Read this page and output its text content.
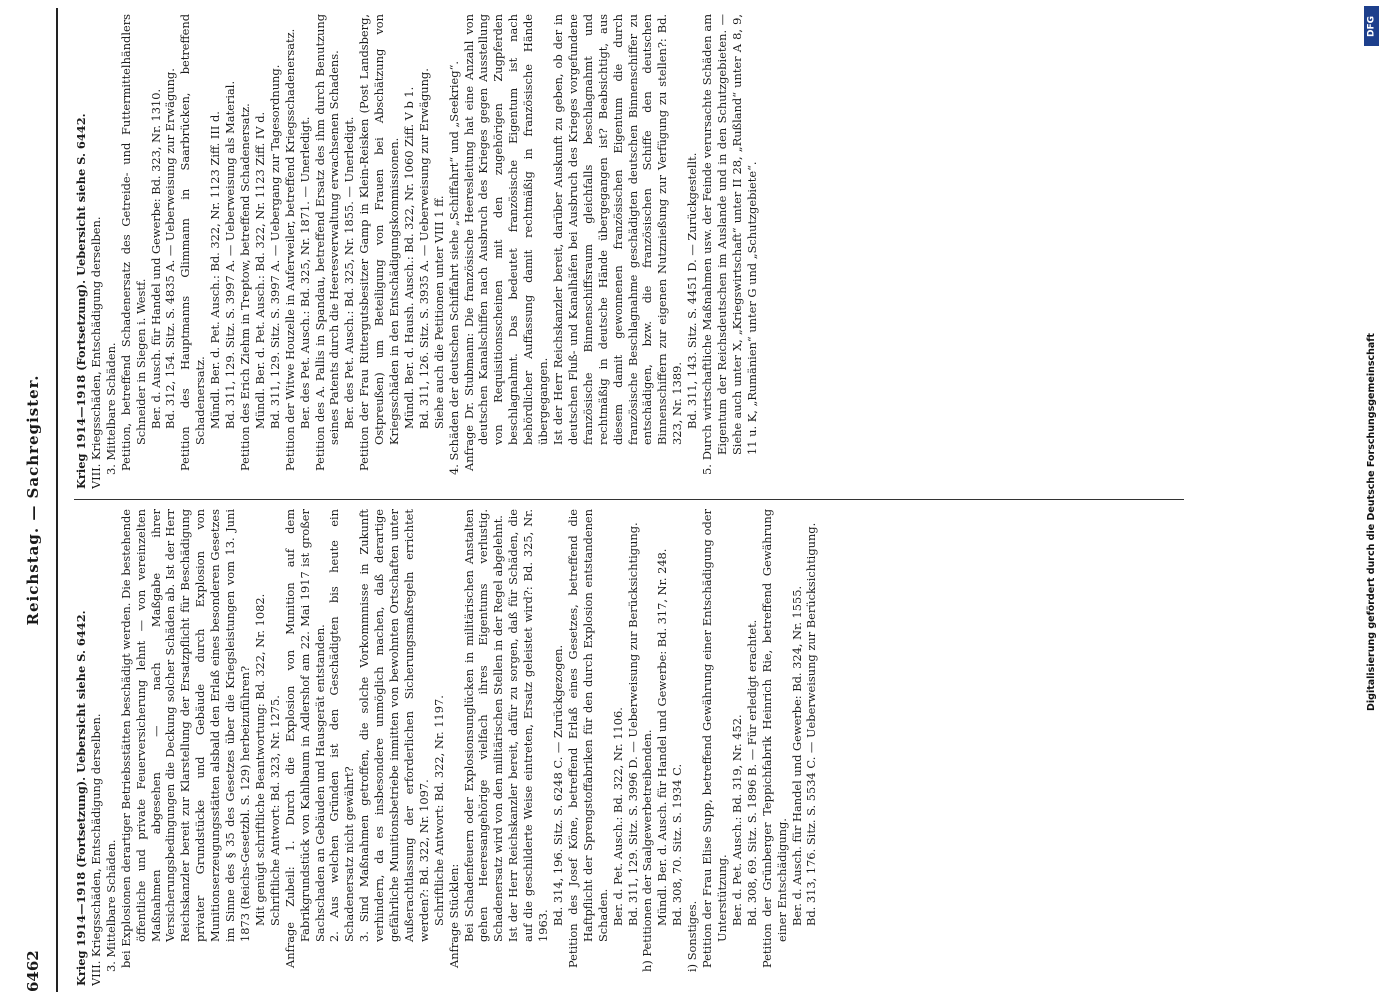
6462
Reichstag. — Sachregister.

Krieg 1914—1918 (Fortsetzung). Uebersicht siehe S. 6442. VIII. Kriegsschäden, Entschädigung derselben. 3. Mittelbare Schäden. bei Explosionen derartiger Betriebsstätten beschädigt werden. Die bestehende öffentliche und private Feuerversicherung lehnt — von vereinzelten Maßnahmen abgesehen — nach Maßgabe ihrer Versicherungsbedingungen die Deckung solcher Schäden ab. Ist der Herr Reichskanzler bereit zur Klarstellung der Ersatzpflicht für Beschädigung privater Grundstücke und Gebäude durch Explosion von Munitionserzeugungsstätten alsbald den Erlaß eines besonderen Gesetzes im Sinne des § 35 des Gesetzes über die Kriegsleistungen vom 13. Juni 1873 (Reichs-Gesetzbl. S. 129) herbeizuführen? Mit genügt schriftliche Beantwortung: Bd. 322, Nr. 1082. Schriftliche Antwort: Bd. 323, Nr. 1275. Anfrage Zubeil: 1. Durch die Explosion von Munition auf dem Fabrikgrundstück von Kahlbaum in Adlershof am 22. Mai 1917 ist großer Sachschaden an Gebäuden und Hausgerät entstanden. 2. Aus welchen Gründen ist den Geschädigten bis heute ein Schadenersatz nicht gewährt? 3. Sind Maßnahmen getroffen, die solche Vorkommnisse in Zukunft verhindern, da es insbesondere unmöglich machen, daß derartige gefährliche Munitionsbetriebe inmitten von bewohnten Ortschaften unter Außerachtlassung der erforderlichen Sicherungsmaßregeln errichtet werden?: Bd. 322, Nr. 1097. Schriftliche Antwort: Bd. 322, Nr. 1197. Anfrage Stücklen: Bei Schadenfeuern oder Explosionsunglücken in militärischen Anstalten gehen Heeresangehörige vielfach ihres Eigentums verlustig. Schadenersatz wird von den militärischen Stellen in der Regel abgelehnt. Ist der Herr Reichskanzler bereit, dafür zu sorgen, daß für Schäden, die auf die geschilderte Weise eintreten, Ersatz geleistet wird?: Bd. 325, Nr. 1963. Bd. 314, 196. Sitz. S. 6248 C. — Zurückgezogen. Petition des Josef Köne, betreffend Erlaß eines Gesetzes, betreffend die Haftpflicht der Sprengstoffabriken für den durch Explosion entstandenen Schaden. Ber. d. Pet. Ausch.: Bd. 322, Nr. 1106. Bd. 311, 129. Sitz. S. 3996 D. — Ueberweisung zur Berücksichtigung. h) Petitionen der Saalgewerbetreibenden. Mündl. Ber. d. Ausch. für Handel und Gewerbe: Bd. 317, Nr. 248. Bd. 308, 70. Sitz. S. 1934 C.

i) Sonstiges. Petition der Frau Elise Supp, betreffend Gewährung einer Entschädigung oder Unterstützung. Ber. d. Pet. Ausch.: Bd. 319, Nr. 452. Bd. 308, 69. Sitz. S. 1896 B. — Für erledigt erachtet. Petition der Grünberger Teppichfabrik Heinrich Rie, betreffend Gewährung einer Entschädigung. Ber. d. Ausch. für Handel und Gewerbe: Bd. 324, Nr. 1555. Bd. 313, 176. Sitz. S. 5534 C. — Ueberweisung zur Berücksichtigung.

Krieg 1914—1918 (Fortsetzung). Uebersicht siehe S. 6442. VIII. Kriegsschäden, Entschädigung derselben. 3. Mittelbare Schäden. Petition, betreffend Schadenersatz des Getreide- und Futtermittelhändlers Schneider in Siegen i. Westf. Ber. d. Ausch. für Handel und Gewerbe: Bd. 323, Nr. 1310. Bd. 312, 154. Sitz. S. 4835 A. — Ueberweisung zur Erwägung. Petition des Hauptmanns Glimmann in Saarbrücken, betreffend Schadenersatz. Mündl. Ber. d. Pet. Ausch.: Bd. 322, Nr. 1123 Ziff. III d. Bd. 311, 129. Sitz. S. 3997 A. — Ueberweisung als Material. Petition des Erich Ziehm in Treptow, betreffend Schadenersatz. Mündl. Ber. d. Pet. Ausch.: Bd. 322, Nr. 1123 Ziff. IV d. Bd. 311, 129. Sitz. S. 3997 A. — Uebergang zur Tagesordnung. Petition der Witwe Houzelle in Auferweiler, betreffend Kriegsschadenersatz. Ber. des Pet. Ausch.: Bd. 325, Nr. 1871. — Unerledigt. Petition des A. Pallis in Spandau, betreffend Ersatz des ihm durch Benutzung seines Patents durch die Heeresverwaltung erwachsenen Schadens. Ber. des Pet. Ausch.: Bd. 325, Nr. 1855. — Unerledigt. Petition der Frau Rittergutsbesitzer Gamp in Klein-Reisken (Post Landsberg, Ostpreußen) um Beteiligung von Frauen bei Abschätzung von Kriegsschäden in den Entschädigungskommissionen. Mündl. Ber. d. Haush. Ausch.: Bd. 322, Nr. 1060 Ziff. V b 1. Bd. 311, 126. Sitz. S. 3935 A. — Ueberweisung zur Erwägung. Siehe auch die Petitionen unter VIII 1 ff. 4. Schäden der deutschen Schiffahrt siehe „Schiffahrt“ und „Seekrieg“. Anfrage Dr. Stubmann: Die französische Heeresleitung hat eine Anzahl von deutschen Kanalschiffen nach Ausbruch des Krieges gegen Ausstellung von Requisitionsscheinen mit den zugehörigen Zugpferden beschlagnahmt. Das bedeutet französische Eigentum ist nach behördlicher Auffassung damit rechtmäßig in französische Hände übergegangen. Ist der Herr Reichskanzler bereit, darüber Auskunft zu geben, ob der in deutschen Fluß- und Kanalhäfen bei Ausbruch des Krieges vorgefundene französische Binnenschiffsraum gleichfalls beschlagnahmt und rechtmäßig in deutsche Hände übergegangen ist? Beabsichtigt, aus diesem damit gewonnenen französischen Eigentum die durch französische Beschlagnahme geschädigten deutschen Binnenschiffer zu entschädigen, bzw. die französischen Schiffe den deutschen Binnenschiffern zur eigenen Nutznießung zur Verfügung zu stellen?: Bd. 323, Nr. 1389. Bd. 311, 143. Sitz. S. 4451 D. — Zurückgestellt. 5. Durch wirtschaftliche Maßnahmen usw. der Feinde verursachte Schäden am Eigentum der Reichsdeutschen im Auslande und in den Schutzgebieten. — Siehe auch unter X, „Kriegswirtschaft“ unter II 28, „Rußland“ unter A 8, 9, 11 u. K, „Rumänien“ unter G und „Schutzgebiete“.

DFG
Digitalisierung gefördert durch die Deutsche Forschungsgemeinschaft
